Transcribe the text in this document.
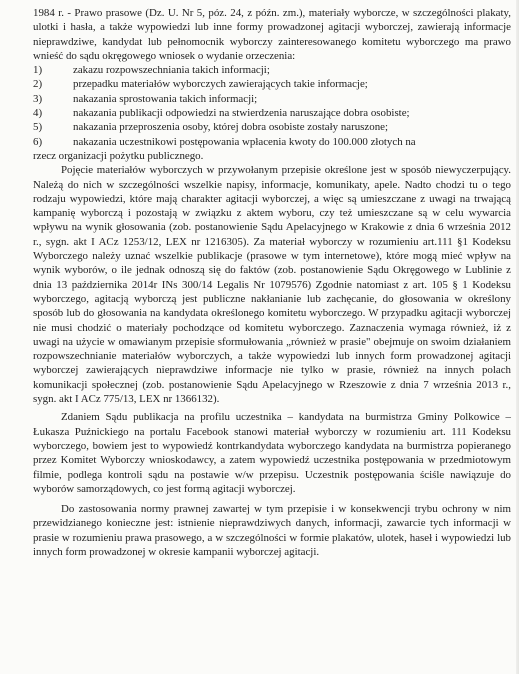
1984 r. - Prawo prasowe (Dz. U. Nr 5, póz. 24, z późn. zm.), materiały wyborcze, w szczególności plakaty, ulotki i hasła, a także wypowiedzi lub inne formy prowadzonej agitacji wyborczej, zawierają informacje nieprawdziwe, kandydat lub pełnomocnik wyborczy zainteresowanego komitetu wyborczego ma prawo wnieść do sądu okręgowego wniosek o wydanie orzeczenia:

1)	zakazu rozpowszechniania takich informacji;
2)	przepadku materiałów wyborczych zawierających takie informacje;
3)	nakazania sprostowania takich informacji;
4)	nakazania publikacji odpowiedzi na stwierdzenia naruszające dobra osobiste;
5)	nakazania przeproszenia osoby, której dobra osobiste zostały naruszone;
6)	nakazania uczestnikowi postępowania wpłacenia kwoty do 100.000 złotych na

rzecz organizacji pożytku publicznego.

Pojęcie materiałów wyborczych w przywołanym przepisie określone jest w sposób niewyczerpujący. Należą do nich w szczególności wszelkie napisy, informacje, komunikaty, apele. Nadto chodzi tu o tego rodzaju wypowiedzi, które mają charakter agitacji wyborczej, a więc są umieszczane z uwagi na trwającą kampanię wyborczą i pozostają w związku z aktem wyboru, czy też umieszczane są w celu wywarcia wpływu na wynik głosowania (zob. postanowienie Sądu Apelacyjnego w Krakowie z dnia 6 września 2012 r., sygn. akt I ACz 1253/12, LEX nr 1216305). Za materiał wyborczy w rozumieniu art.111 §1 Kodeksu Wyborczego należy uznać wszelkie publikacje (prasowe w tym internetowe), które mogą mieć wpływ na wynik wyborów, o ile jednak odnoszą się do faktów (zob. postanowienie Sądu Okręgowego w Lublinie z dnia 13 października 2014r INs 300/14 Legalis Nr 1079576) Zgodnie natomiast z art. 105 § 1 Kodeksu wyborczego, agitacją wyborczą jest publiczne nakłanianie lub zachęcanie, do głosowania w określony sposób lub do głosowania na kandydata określonego komitetu wyborczego. W przypadku agitacji wyborczej nie musi chodzić o materiały pochodzące od komitetu wyborczego. Zaznaczenia wymaga również, iż z uwagi na użycie w omawianym przepisie sformułowania „również w prasie" obejmuje on swoim działaniem rozpowszechnianie materiałów wyborczych, a także wypowiedzi lub innych form prowadzonej agitacji wyborczej zawierających nieprawdziwe informacje nie tylko w prasie, również na innych polach komunikacji społecznej (zob. postanowienie Sądu Apelacyjnego w Rzeszowie z dnia 7 września 2013 r., sygn. akt I ACz 775/13, LEX nr 1366132).

Zdaniem Sądu publikacja na profilu uczestnika – kandydata na burmistrza Gminy Polkowice – Łukasza Puźnickiego na portalu Facebook stanowi materiał wyborczy w rozumieniu art. 111 Kodeksu wyborczego, bowiem jest to wypowiedź kontrkandydata wyborczego kandydata na burmistrza popieranego przez Komitet Wyborczy wnioskodawcy, a zatem wypowiedź uczestnika postępowania w przedmiotowym filmie, podlega kontroli sądu na postawie w/w przepisu. Uczestnik postępowania ściśle nawiązuje do wyborów samorządowych, co jest formą agitacji wyborczej.

Do zastosowania normy prawnej zawartej w tym przepisie i w konsekwencji trybu ochrony w nim przewidzianego konieczne jest: istnienie nieprawdziwych danych, informacji, zawarcie tych informacji w prasie w rozumieniu prawa prasowego, a w szczególności w formie plakatów, ulotek, haseł i wypowiedzi lub innych form prowadzonej w okresie kampanii wyborczej agitacji.
